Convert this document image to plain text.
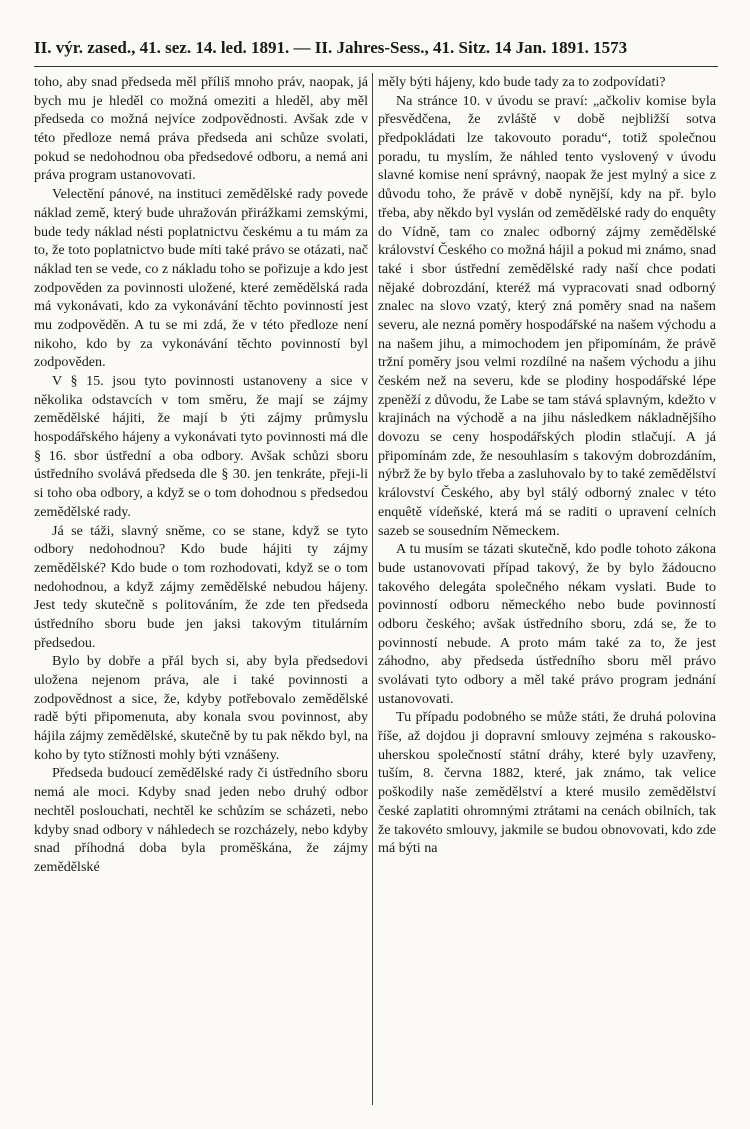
II. výr. zased., 41. sez. 14. led. 1891. — II. Jahres-Sess., 41. Sitz. 14 Jan. 1891. 1573

toho, aby snad předseda měl příliš mnoho práv, naopak, já bych mu je hleděl co možná omeziti a hleděl, aby měl předseda co možná nejvíce zodpovědnosti. Avšak zde v této předloze nemá práva předseda ani schůze svolati, pokud se nedohodnou oba předsedové odboru, a nemá ani práva program ustanovovati.

Velectění pánové, na instituci zemědělské rady povede náklad země, který bude uhražován přirážkami zemskými, bude tedy náklad nésti poplatnictvu českému a tu mám za to, že toto poplatnictvo bude míti také právo se otázati, nač náklad ten se vede, co z nákladu toho se pořizuje a kdo jest zodpověden za povinnosti uložené, které zemědělská rada má vykonávati, kdo za vykonávání těchto povinností jest mu zodpověděn. A tu se mi zdá, že v této předloze není nikoho, kdo by za vykonávání těchto povinností byl zodpověden.

V § 15. jsou tyto povinnosti ustanoveny a sice v několika odstavcích v tom směru, že mají se zájmy zemědělské hájiti, že mají b ýti zájmy průmyslu hospodářského hájeny a vykonávati tyto povinnosti má dle § 16. sbor ústřední a oba odbory. Avšak schůzi sboru ústředního svolává předseda dle § 30. jen tenkráte, přeji-li si toho oba odbory, a když se o tom dohodnou s předsedou zemědělské rady.

Já se táži, slavný sněme, co se stane, když se tyto odbory nedohodnou? Kdo bude hájiti ty zájmy zemědělské? Kdo bude o tom rozhodovati, když se o tom nedohodnou, a když zájmy zemědělské nebudou hájeny. Jest tedy skutečně s politováním, že zde ten předseda ústředního sboru bude jen jaksi takovým titulárním předsedou.

Bylo by dobře a přál bych si, aby byla předsedovi uložena nejenom práva, ale i také povinnosti a zodpovědnost a sice, že, kdyby potřebovalo zemědělské radě býti připomenuta, aby konala svou povinnost, aby hájila zájmy zemědělské, skutečně by tu pak někdo byl, na koho by tyto stížnosti mohly býti vznášeny.

Předseda budoucí zemědělské rady či ústředního sboru nemá ale moci. Kdyby snad jeden nebo druhý odbor nechtěl poslouchati, nechtěl ke schůzím se scházeti, nebo kdyby snad odbory v náhledech se rozcházely, nebo kdyby snad příhodná doba byla proměškána, že zájmy zemědělské

měly býti hájeny, kdo bude tady za to zodpovídati?

Na stránce 10. v úvodu se praví: „ačkoliv komise byla přesvědčena, že zvláště v době nejbližší sotva předpokládati lze takovouto poradu“, totiž společnou poradu, tu myslím, že náhled tento vyslovený v úvodu slavné komise není správný, naopak že jest mylný a sice z důvodu toho, že právě v době nynější, kdy na př. bylo třeba, aby někdo byl vyslán od zemědělské rady do enquêty do Vídně, tam co znalec odborný zájmy zemědělské království Českého co možná hájil a pokud mi známo, snad také i sbor ústřední zemědělské rady naší chce podati nějaké dobrozdání, kteréž má vypracovati snad odborný znalec na slovo vzatý, který zná poměry snad na našem severu, ale nezná poměry hospodářské na našem východu a na našem jihu, a mimochodem jen připomínám, že právě tržní poměry jsou velmi rozdílné na našem východu a jihu českém než na severu, kde se plodiny hospodářské lépe zpeněží z důvodu, že Labe se tam stává splavným, kdežto v krajinách na východě a na jihu následkem nákladnějšího dovozu se ceny hospodářských plodin stlačují. A já připomínám zde, že nesouhlasím s takovým dobrozdáním, nýbrž že by bylo třeba a zasluhovalo by to také zemědělství království Českého, aby byl stálý odborný znalec v této enquêtě vídeňské, která má se raditi o upravení celních sazeb se sousedním Německem.

A tu musím se tázati skutečně, kdo podle tohoto zákona bude ustanovovati případ takový, že by bylo žádoucno takového delegáta společného nékam vyslati. Bude to povinností odboru německého nebo bude povinností odboru českého; avšak ústředního sboru, zdá se, že to povinností nebude. A proto mám také za to, že jest záhodno, aby předseda ústředního sboru měl právo svolávati tyto odbory a měl také právo program jednání ustanovovati.

Tu případu podobného se může státi, že druhá polovina říše, až dojdou ji dopravní smlouvy zejména s rakousko-uherskou společností státní dráhy, které byly uzavřeny, tuším, 8. června 1882, které, jak známo, tak velice poškodily naše zemědělství a které musilo zemědělství české zaplatiti ohromnými ztrátami na cenách obilních, tak že takovéto smlouvy, jakmile se budou obnovovati, kdo zde má býti na
